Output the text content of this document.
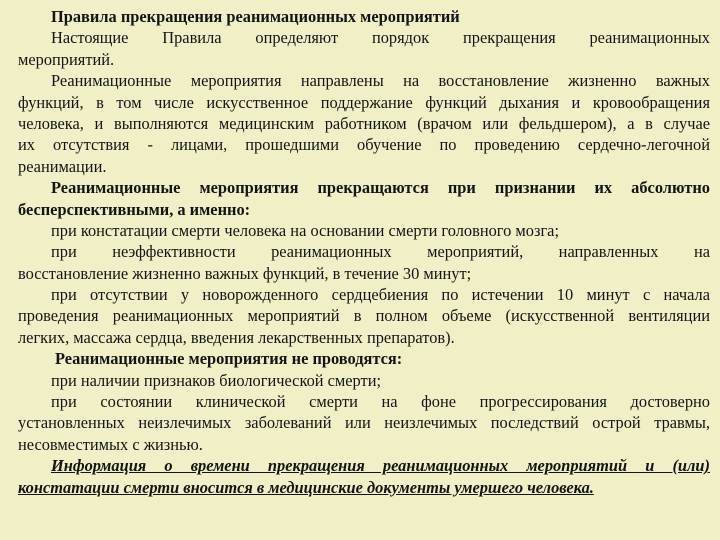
Правила прекращения реанимационных мероприятий
Настоящие Правила определяют порядок прекращения реанимационных
мероприятий.
Реанимационные мероприятия направлены на восстановление жизненно важных
функций, в том числе искусственное поддержание функций дыхания и кровообращения
человека, и выполняются медицинским работником (врачом или фельдшером), а в случае
их отсутствия - лицами, прошедшими обучение по проведению сердечно-легочной
реанимации.
Реанимационные мероприятия прекращаются при признании их абсолютно
бесперспективными, а именно:
при констатации смерти человека на основании смерти головного мозга;
при неэффективности реанимационных мероприятий, направленных на
восстановление жизненно важных функций, в течение 30 минут;
при отсутствии у новорожденного сердцебиения по истечении 10 минут с начала
проведения реанимационных мероприятий в полном объеме (искусственной вентиляции
легких, массажа сердца, введения лекарственных препаратов).
Реанимационные мероприятия не проводятся:
при наличии признаков биологической смерти;
при состоянии клинической смерти на фоне прогрессирования достоверно
установленных неизлечимых заболеваний или неизлечимых последствий острой травмы,
несовместимых с жизнью.
Информация о времени прекращения реанимационных мероприятий и (или)
констатации смерти вносится в медицинские документы умершего человека.
